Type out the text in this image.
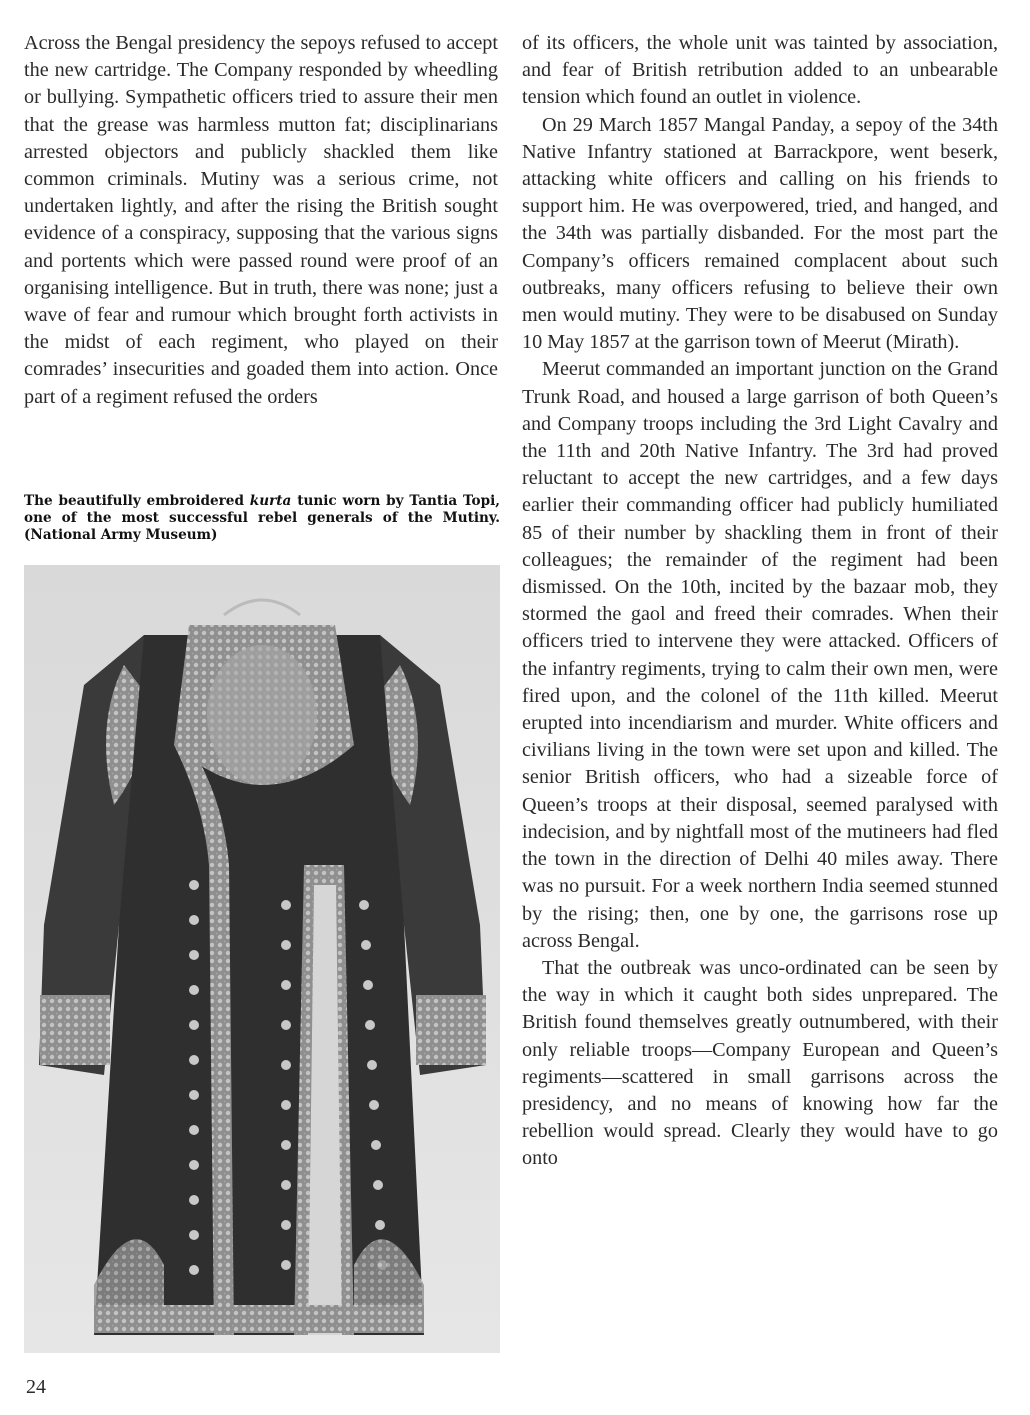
Across the Bengal presidency the sepoys refused to accept the new cartridge. The Company responded by wheedling or bullying. Sympathetic officers tried to assure their men that the grease was harmless mutton fat; disciplinarians arrested objectors and publicly shackled them like common criminals. Mutiny was a serious crime, not undertaken lightly, and after the rising the British sought evidence of a conspiracy, supposing that the various signs and portents which were passed round were proof of an organising intelligence. But in truth, there was none; just a wave of fear and rumour which brought forth activists in the midst of each regiment, who played on their comrades’ insecurities and goaded them into action. Once part of a regiment refused the orders

The beautifully embroidered kurta tunic worn by Tantia Topi, one of the most successful rebel generals of the Mutiny. (National Army Museum)

of its officers, the whole unit was tainted by association, and fear of British retribution added to an unbearable tension which found an outlet in violence.

On 29 March 1857 Mangal Panday, a sepoy of the 34th Native Infantry stationed at Barrackpore, went beserk, attacking white officers and calling on his friends to support him. He was overpowered, tried, and hanged, and the 34th was partially disbanded. For the most part the Company’s officers remained complacent about such outbreaks, many officers refusing to believe their own men would mutiny. They were to be disabused on Sunday 10 May 1857 at the garrison town of Meerut (Mirath).

Meerut commanded an important junction on the Grand Trunk Road, and housed a large garrison of both Queen’s and Company troops including the 3rd Light Cavalry and the 11th and 20th Native Infantry. The 3rd had proved reluctant to accept the new cartridges, and a few days earlier their commanding officer had publicly humiliated 85 of their number by shackling them in front of their colleagues; the remainder of the regiment had been dismissed. On the 10th, incited by the bazaar mob, they stormed the gaol and freed their comrades. When their officers tried to intervene they were attacked. Officers of the infantry regiments, trying to calm their own men, were fired upon, and the colonel of the 11th killed. Meerut erupted into incendiarism and murder. White officers and civilians living in the town were set upon and killed. The senior British officers, who had a sizeable force of Queen’s troops at their disposal, seemed paralysed with indecision, and by nightfall most of the mutineers had fled the town in the direction of Delhi 40 miles away. There was no pursuit. For a week northern India seemed stunned by the rising; then, one by one, the garrisons rose up across Bengal.

That the outbreak was unco-ordinated can be seen by the way in which it caught both sides unprepared. The British found themselves greatly outnumbered, with their only reliable troops—Company European and Queen’s regiments—scattered in small garrisons across the presidency, and no means of knowing how far the rebellion would spread. Clearly they would have to go onto

24
